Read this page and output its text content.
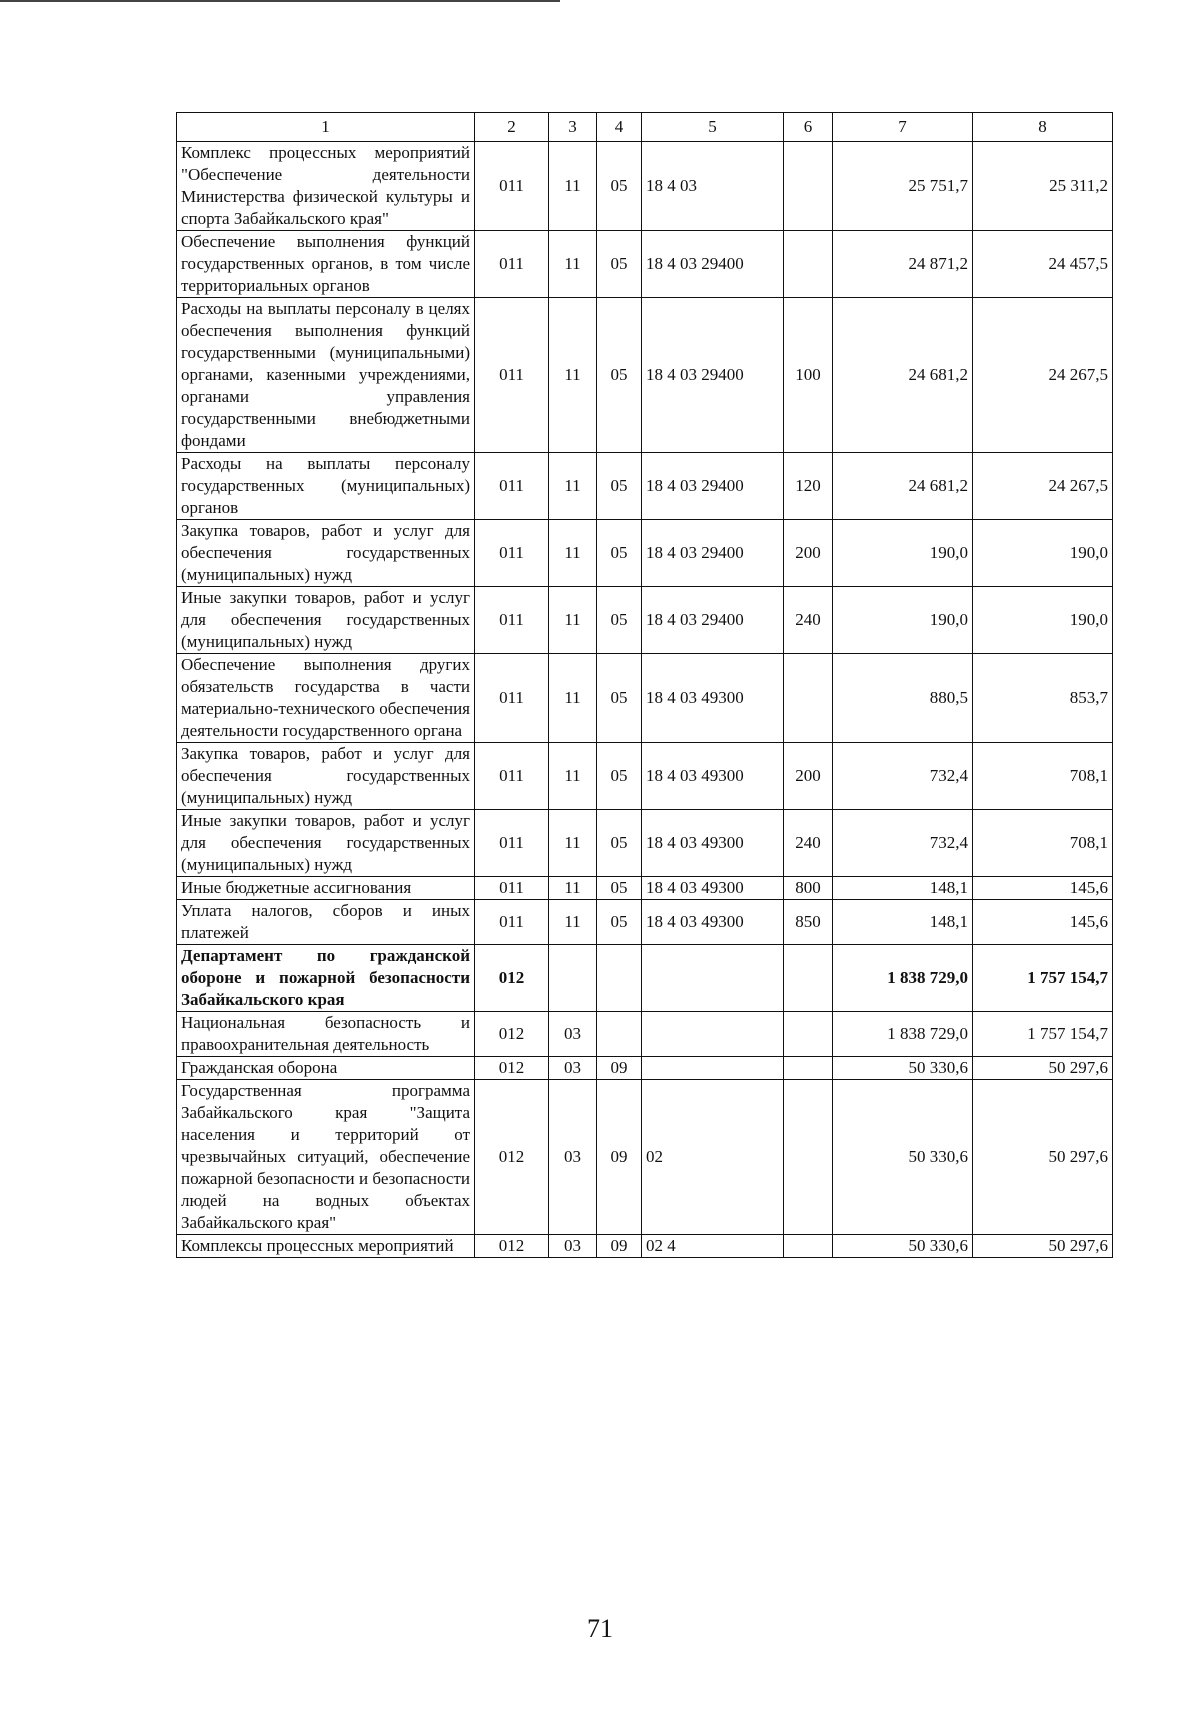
1	2	3	4	5	6	7	8
Комплекс процессных мероприятий "Обеспечение деятельности Министерства физической культуры и спорта Забайкальского края"	011	11	05	18 4 03		25 751,7	25 311,2
Обеспечение выполнения функций государственных органов, в том числе территориальных органов	011	11	05	18 4 03 29400		24 871,2	24 457,5
Расходы на выплаты персоналу в целях обеспечения выполнения функций государственными (муниципальными) органами, казенными учреждениями, органами управления государственными внебюджетными фондами	011	11	05	18 4 03 29400	100	24 681,2	24 267,5
Расходы на выплаты персоналу государственных (муниципальных) органов	011	11	05	18 4 03 29400	120	24 681,2	24 267,5
Закупка товаров, работ и услуг для обеспечения государственных (муниципальных) нужд	011	11	05	18 4 03 29400	200	190,0	190,0
Иные закупки товаров, работ и услуг для обеспечения государственных (муниципальных) нужд	011	11	05	18 4 03 29400	240	190,0	190,0
Обеспечение выполнения других обязательств государства в части материально-технического обеспечения деятельности государственного органа	011	11	05	18 4 03 49300		880,5	853,7
Закупка товаров, работ и услуг для обеспечения государственных (муниципальных) нужд	011	11	05	18 4 03 49300	200	732,4	708,1
Иные закупки товаров, работ и услуг для обеспечения государственных (муниципальных) нужд	011	11	05	18 4 03 49300	240	732,4	708,1
Иные бюджетные ассигнования	011	11	05	18 4 03 49300	800	148,1	145,6
Уплата налогов, сборов и иных платежей	011	11	05	18 4 03 49300	850	148,1	145,6
Департамент по гражданской обороне и пожарной безопасности Забайкальского края	012					1 838 729,0	1 757 154,7
Национальная безопасность и правоохранительная деятельность	012	03				1 838 729,0	1 757 154,7
Гражданская оборона	012	03	09			50 330,6	50 297,6
Государственная программа Забайкальского края "Защита населения и территорий от чрезвычайных ситуаций, обеспечение пожарной безопасности и безопасности людей на водных объектах Забайкальского края"	012	03	09	02		50 330,6	50 297,6
Комплексы процессных мероприятий	012	03	09	02 4		50 330,6	50 297,6
71
